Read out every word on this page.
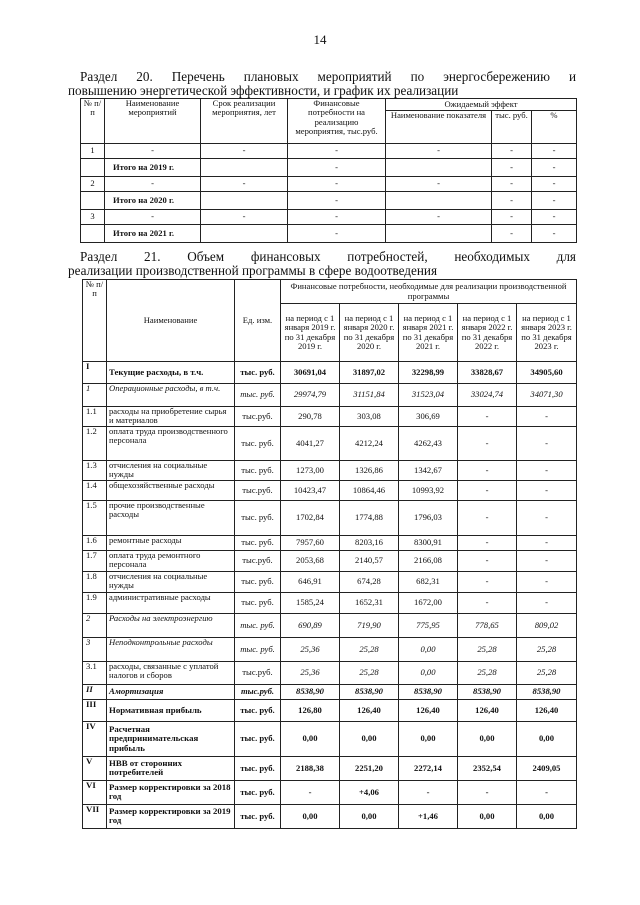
14
Раздел 20. Перечень плановых мероприятий по энергосбережению и

повышению энергетической эффективности, и график их реализации
№ п/п	Наименование мероприятий	Срок реализации мероприятия, лет	Финансовые потребности на реализацию мероприятия, тыс.руб.	Ожидаемый эффект		
				Наименование показателя	тыс. руб.	%
1	-	-	-	-	-	-
	Итого на 2019 г.		-		-	-
2	-	-	-	-	-	-
	Итого на 2020 г.		-		-	-
3	-	-	-	-	-	-
	Итого на 2021 г.		-		-	-
Раздел 21. Объем финансовых потребностей, необходимых для

реализации производственной программы в сфере водоотведения
№ п/п	Наименование	Ед. изм.	Финансовые потребности, необходимые для реализации производственной программы				
			на период с 1 января 2019 г. по 31 декабря 2019 г.	на период с 1 января 2020 г. по 31 декабря 2020 г.	на период с 1 января 2021 г. по 31 декабря 2021 г.	на период с 1 января 2022 г. по 31 декабря 2022 г.	на период с 1 января 2023 г. по 31 декабря 2023 г.
I	Текущие расходы, в т.ч.	тыс. руб.	30691,04	31897,02	32298,99	33828,67	34905,60
1	Операционные расходы, в т.ч.	тыс. руб.	29974,79	31151,84	31523,04	33024,74	34071,30
1.1	расходы на приобретение сырья и материалов	тыс.руб.	290,78	303,08	306,69	-	-
1.2	оплата труда производственного персонала	тыс. руб.	4041,27	4212,24	4262,43	-	-
1.3	отчисления на социальные нужды	тыс. руб.	1273,00	1326,86	1342,67	-	-
1.4	общехозяйственные расходы	тыс.руб.	10423,47	10864,46	10993,92	-	-
1.5	прочие производственные расходы	тыс. руб.	1702,84	1774,88	1796,03	-	-
1.6	ремонтные расходы	тыс. руб.	7957,60	8203,16	8300,91	-	-
1.7	оплата труда ремонтного персонала	тыс.руб.	2053,68	2140,57	2166,08	-	-
1.8	отчисления на социальные нужды	тыс. руб.	646,91	674,28	682,31	-	-
1.9	административные расходы	тыс. руб.	1585,24	1652,31	1672,00	-	-
2	Расходы на электроэнергию	тыс. руб.	690,89	719,90	775,95	778,65	809,02
3	Неподконтрольные расходы	тыс. руб.	25,36	25,28	0,00	25,28	25,28
3.1	расходы, связанные с уплатой налогов и сборов	тыс.руб.	25,36	25,28	0,00	25,28	25,28
II	Амортизация	тыс.руб.	8538,90	8538,90	8538,90	8538,90	8538,90
III	Нормативная прибыль	тыс. руб.	126,80	126,40	126,40	126,40	126,40
IV	Расчетная предпринимательская прибыль	тыс. руб.	0,00	0,00	0,00	0,00	0,00
V	НВВ от сторонних потребителей	тыс. руб.	2188,38	2251,20	2272,14	2352,54	2409,05
VI	Размер корректировки за 2018 год	тыс. руб.	-	+4,06	-	-	-
VII	Размер корректировки за 2019 год	тыс. руб.	0,00	0,00	+1,46	0,00	0,00
